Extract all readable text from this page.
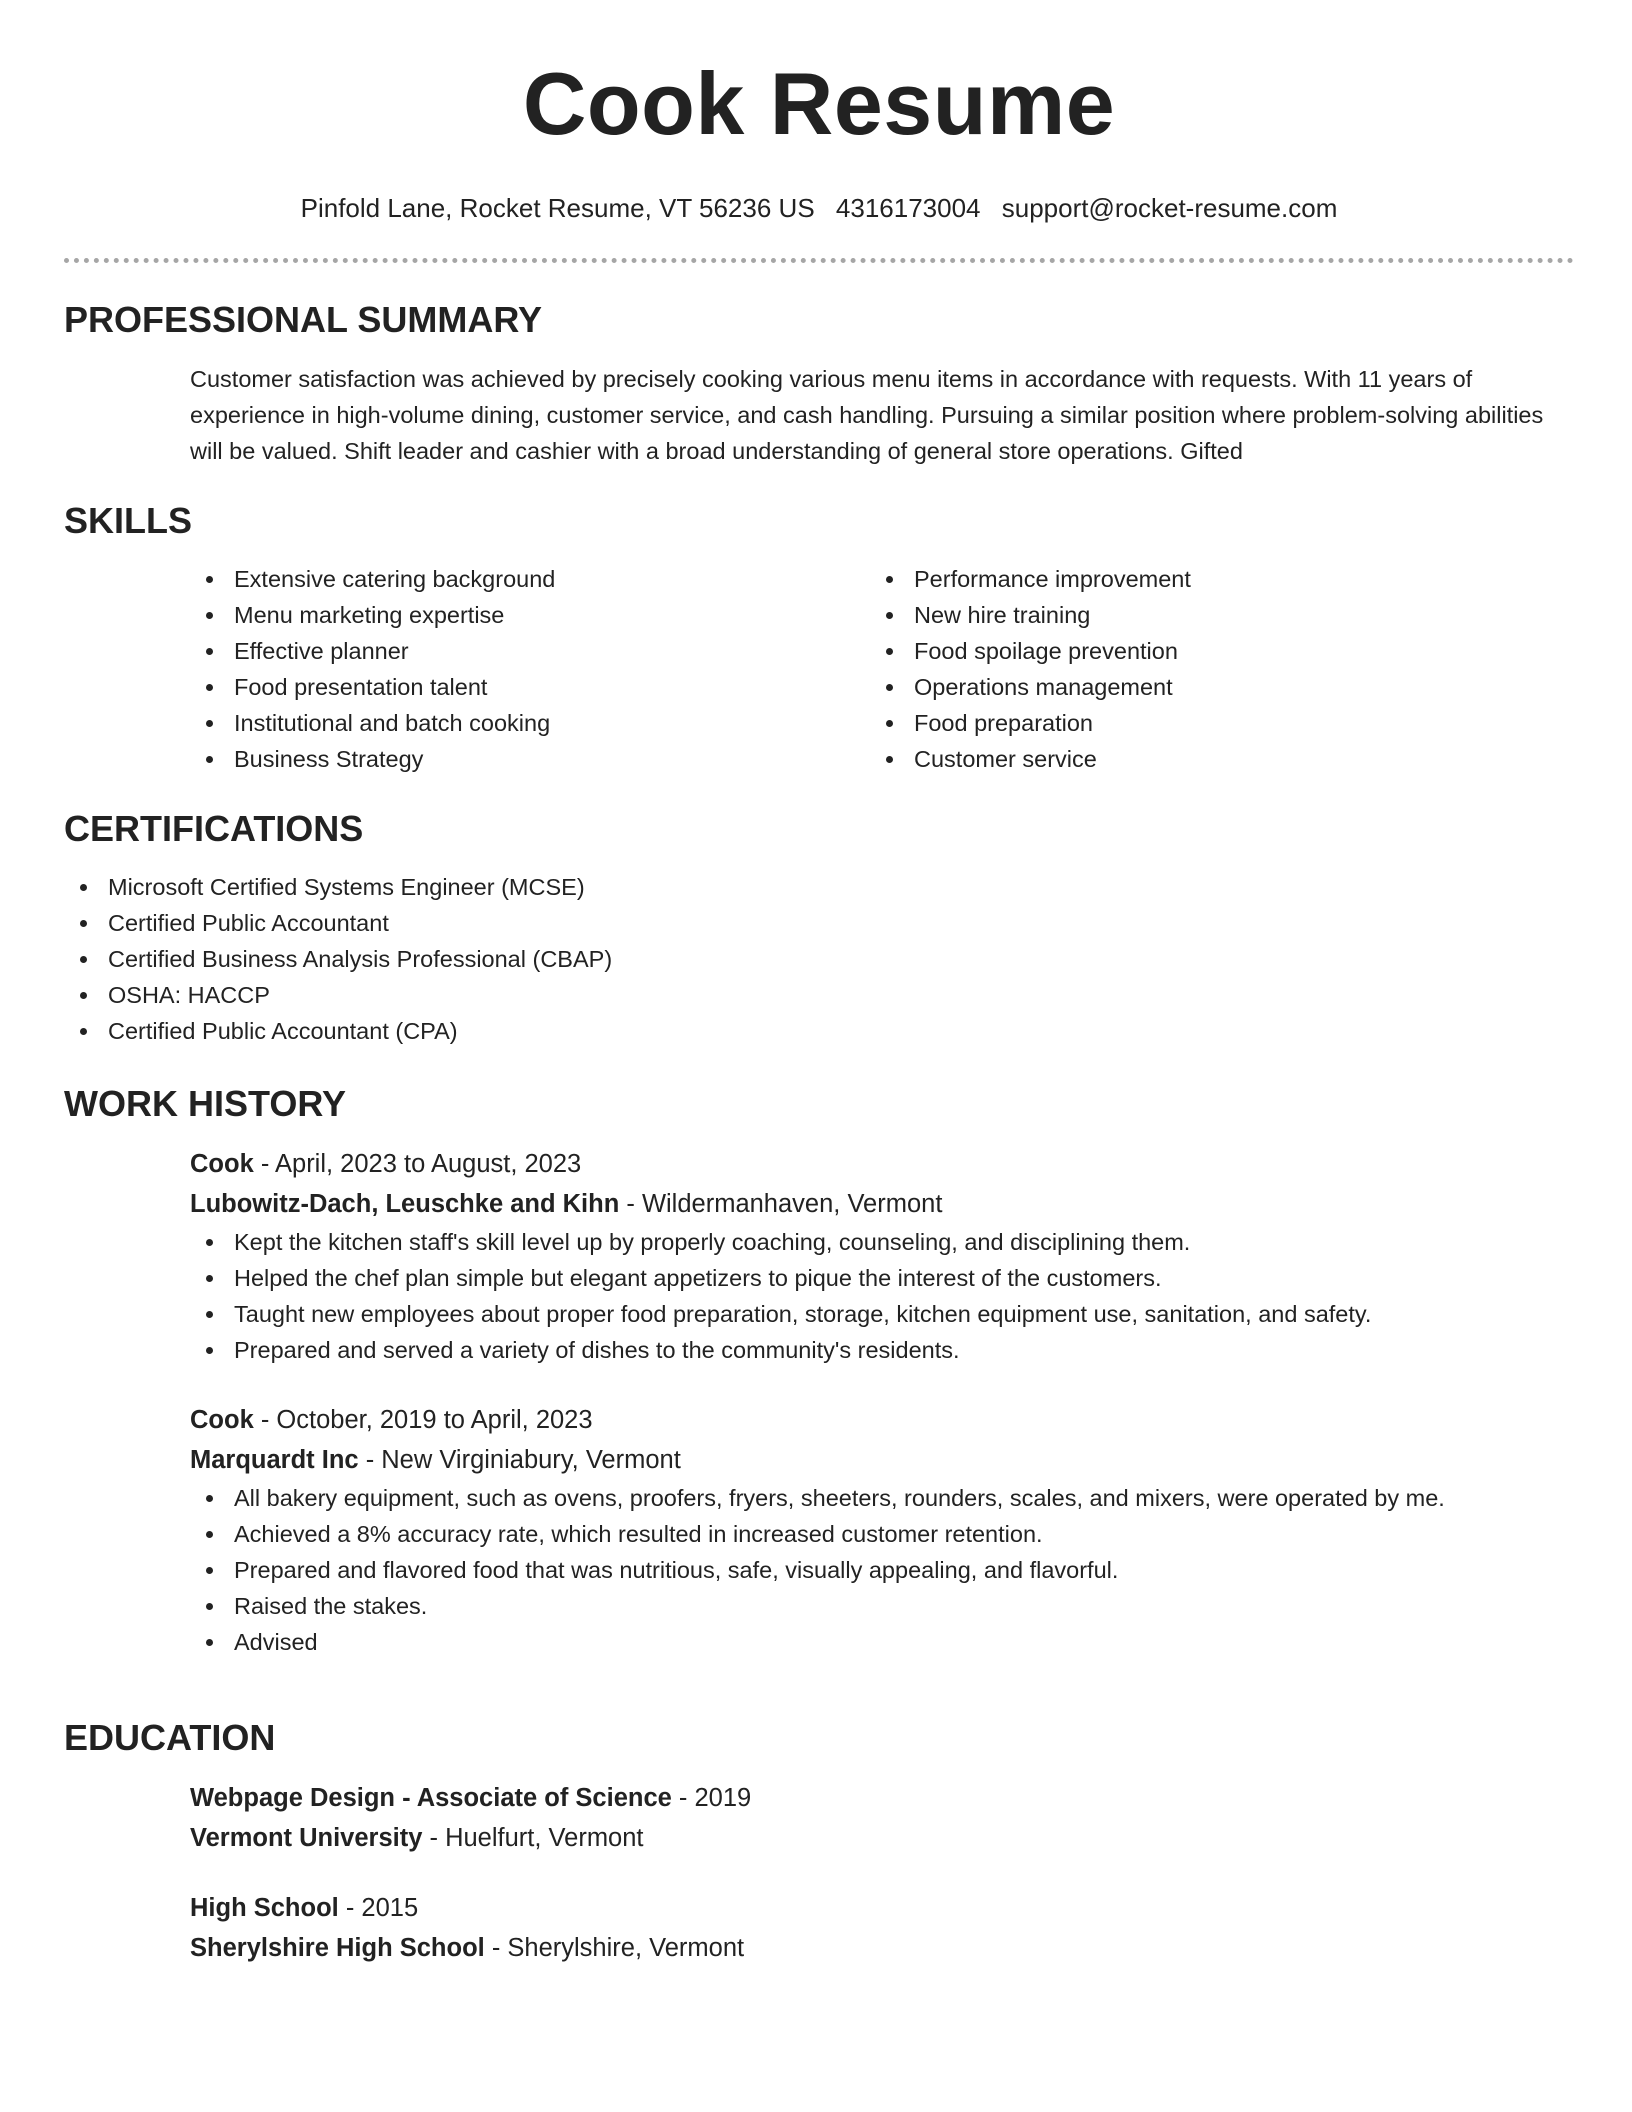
Cook Resume
Pinfold Lane, Rocket Resume, VT 56236 US 4316173004 support@rocket-resume.com
PROFESSIONAL SUMMARY
Customer satisfaction was achieved by precisely cooking various menu items in accordance with requests. With 11 years of experience in high-volume dining, customer service, and cash handling. Pursuing a similar position where problem-solving abilities will be valued. Shift leader and cashier with a broad understanding of general store operations. Gifted
SKILLS
Extensive catering background
Menu marketing expertise
Effective planner
Food presentation talent
Institutional and batch cooking
Business Strategy
Performance improvement
New hire training
Food spoilage prevention
Operations management
Food preparation
Customer service
CERTIFICATIONS
Microsoft Certified Systems Engineer (MCSE)
Certified Public Accountant
Certified Business Analysis Professional (CBAP)
OSHA: HACCP
Certified Public Accountant (CPA)
WORK HISTORY
Cook - April, 2023 to August, 2023
Lubowitz-Dach, Leuschke and Kihn - Wildermanhaven, Vermont
Kept the kitchen staff's skill level up by properly coaching, counseling, and disciplining them.
Helped the chef plan simple but elegant appetizers to pique the interest of the customers.
Taught new employees about proper food preparation, storage, kitchen equipment use, sanitation, and safety.
Prepared and served a variety of dishes to the community's residents.
Cook - October, 2019 to April, 2023
Marquardt Inc - New Virginiabury, Vermont
All bakery equipment, such as ovens, proofers, fryers, sheeters, rounders, scales, and mixers, were operated by me.
Achieved a 8% accuracy rate, which resulted in increased customer retention.
Prepared and flavored food that was nutritious, safe, visually appealing, and flavorful.
Raised the stakes.
Advised
EDUCATION
Webpage Design - Associate of Science - 2019
Vermont University - Huelfurt, Vermont
High School - 2015
Sherylshire High School - Sherylshire, Vermont
